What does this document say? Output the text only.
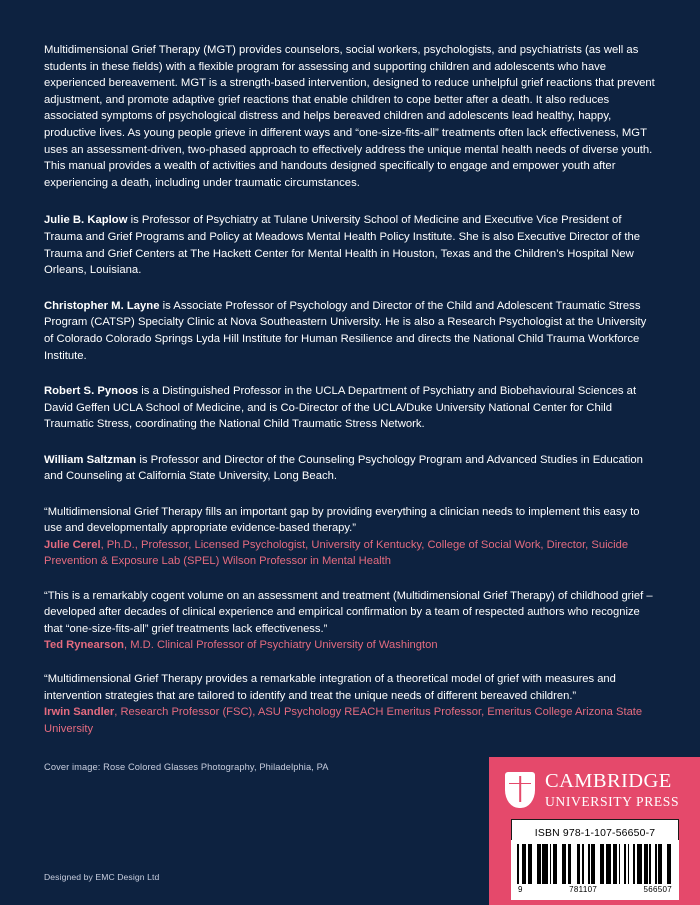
Multidimensional Grief Therapy (MGT) provides counselors, social workers, psychologists, and psychiatrists (as well as students in these fields) with a flexible program for assessing and supporting children and adolescents who have experienced bereavement. MGT is a strength-based intervention, designed to reduce unhelpful grief reactions that prevent adjustment, and promote adaptive grief reactions that enable children to cope better after a death. It also reduces associated symptoms of psychological distress and helps bereaved children and adolescents lead healthy, happy, productive lives. As young people grieve in different ways and “one-size-fits-all” treatments often lack effectiveness, MGT uses an assessment-driven, two-phased approach to effectively address the unique mental health needs of diverse youth. This manual provides a wealth of activities and handouts designed specifically to engage and empower youth after experiencing a death, including under traumatic circumstances.

Julie B. Kaplow is Professor of Psychiatry at Tulane University School of Medicine and Executive Vice President of Trauma and Grief Programs and Policy at Meadows Mental Health Policy Institute. She is also Executive Director of the Trauma and Grief Centers at The Hackett Center for Mental Health in Houston, Texas and the Children’s Hospital New Orleans, Louisiana.

Christopher M. Layne is Associate Professor of Psychology and Director of the Child and Adolescent Traumatic Stress Program (CATSP) Specialty Clinic at Nova Southeastern University. He is also a Research Psychologist at the University of Colorado Colorado Springs Lyda Hill Institute for Human Resilience and directs the National Child Trauma Workforce Institute.

Robert S. Pynoos is a Distinguished Professor in the UCLA Department of Psychiatry and Biobehavioural Sciences at David Geffen UCLA School of Medicine, and is Co-Director of the UCLA/Duke University National Center for Child Traumatic Stress, coordinating the National Child Traumatic Stress Network.

William Saltzman is Professor and Director of the Counseling Psychology Program and Advanced Studies in Education and Counseling at California State University, Long Beach.

“Multidimensional Grief Therapy fills an important gap by providing everything a clinician needs to implement this easy to use and developmentally appropriate evidence-based therapy.”

Julie Cerel, Ph.D., Professor, Licensed Psychologist, University of Kentucky, College of Social Work, Director, Suicide Prevention & Exposure Lab (SPEL) Wilson Professor in Mental Health

“This is a remarkably cogent volume on an assessment and treatment (Multidimensional Grief Therapy) of childhood grief – developed after decades of clinical experience and empirical confirmation by a team of respected authors who recognize that “one-size-fits-all” grief treatments lack effectiveness.”

Ted Rynearson, M.D. Clinical Professor of Psychiatry University of Washington

“Multidimensional Grief Therapy provides a remarkable integration of a theoretical model of grief with measures and intervention strategies that are tailored to identify and treat the unique needs of different bereaved children.”

Irwin Sandler, Research Professor (FSC), ASU Psychology REACH Emeritus Professor, Emeritus College Arizona State University

Cover image: Rose Colored Glasses Photography, Philadelphia, PA
Designed by EMC Design Ltd
CAMBRIDGE
UNIVERSITY PRESS
ISBN 978-1-107-56650-7
9	781107	566507
